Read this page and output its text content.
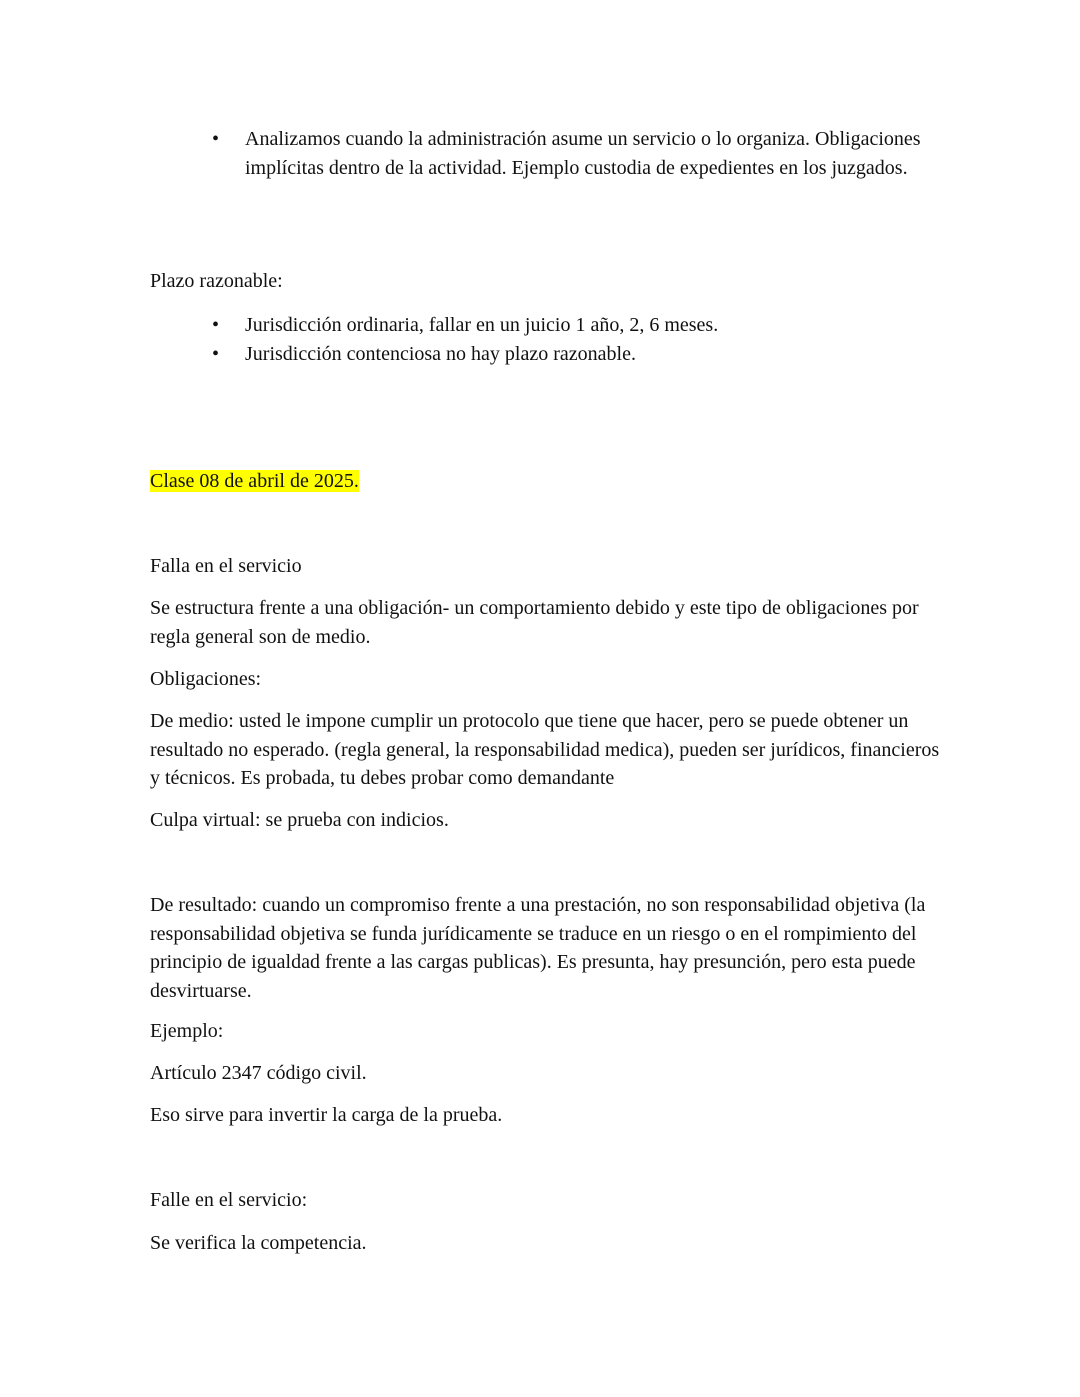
• Analizamos cuando la administración asume un servicio o lo organiza. Obligaciones implícitas dentro de la actividad. Ejemplo custodia de expedientes en los juzgados.

Plazo razonable:

• Jurisdicción ordinaria, fallar en un juicio 1 año, 2, 6 meses.
• Jurisdicción contenciosa no hay plazo razonable.

Clase 08 de abril de 2025.

Falla en el servicio

Se estructura frente a una obligación- un comportamiento debido y este tipo de obligaciones por regla general son de medio.

Obligaciones:

De medio: usted le impone cumplir un protocolo que tiene que hacer, pero se puede obtener un resultado no esperado. (regla general, la responsabilidad medica), pueden ser jurídicos, financieros y técnicos. Es probada, tu debes probar como demandante

Culpa virtual: se prueba con indicios.

De resultado: cuando un compromiso frente a una prestación, no son responsabilidad objetiva (la responsabilidad objetiva se funda jurídicamente se traduce en un riesgo o en el rompimiento del principio de igualdad frente a las cargas publicas). Es presunta, hay presunción, pero esta puede desvirtuarse.

Ejemplo:

Artículo 2347 código civil.

Eso sirve para invertir la carga de la prueba.

Falle en el servicio:

Se verifica la competencia.
